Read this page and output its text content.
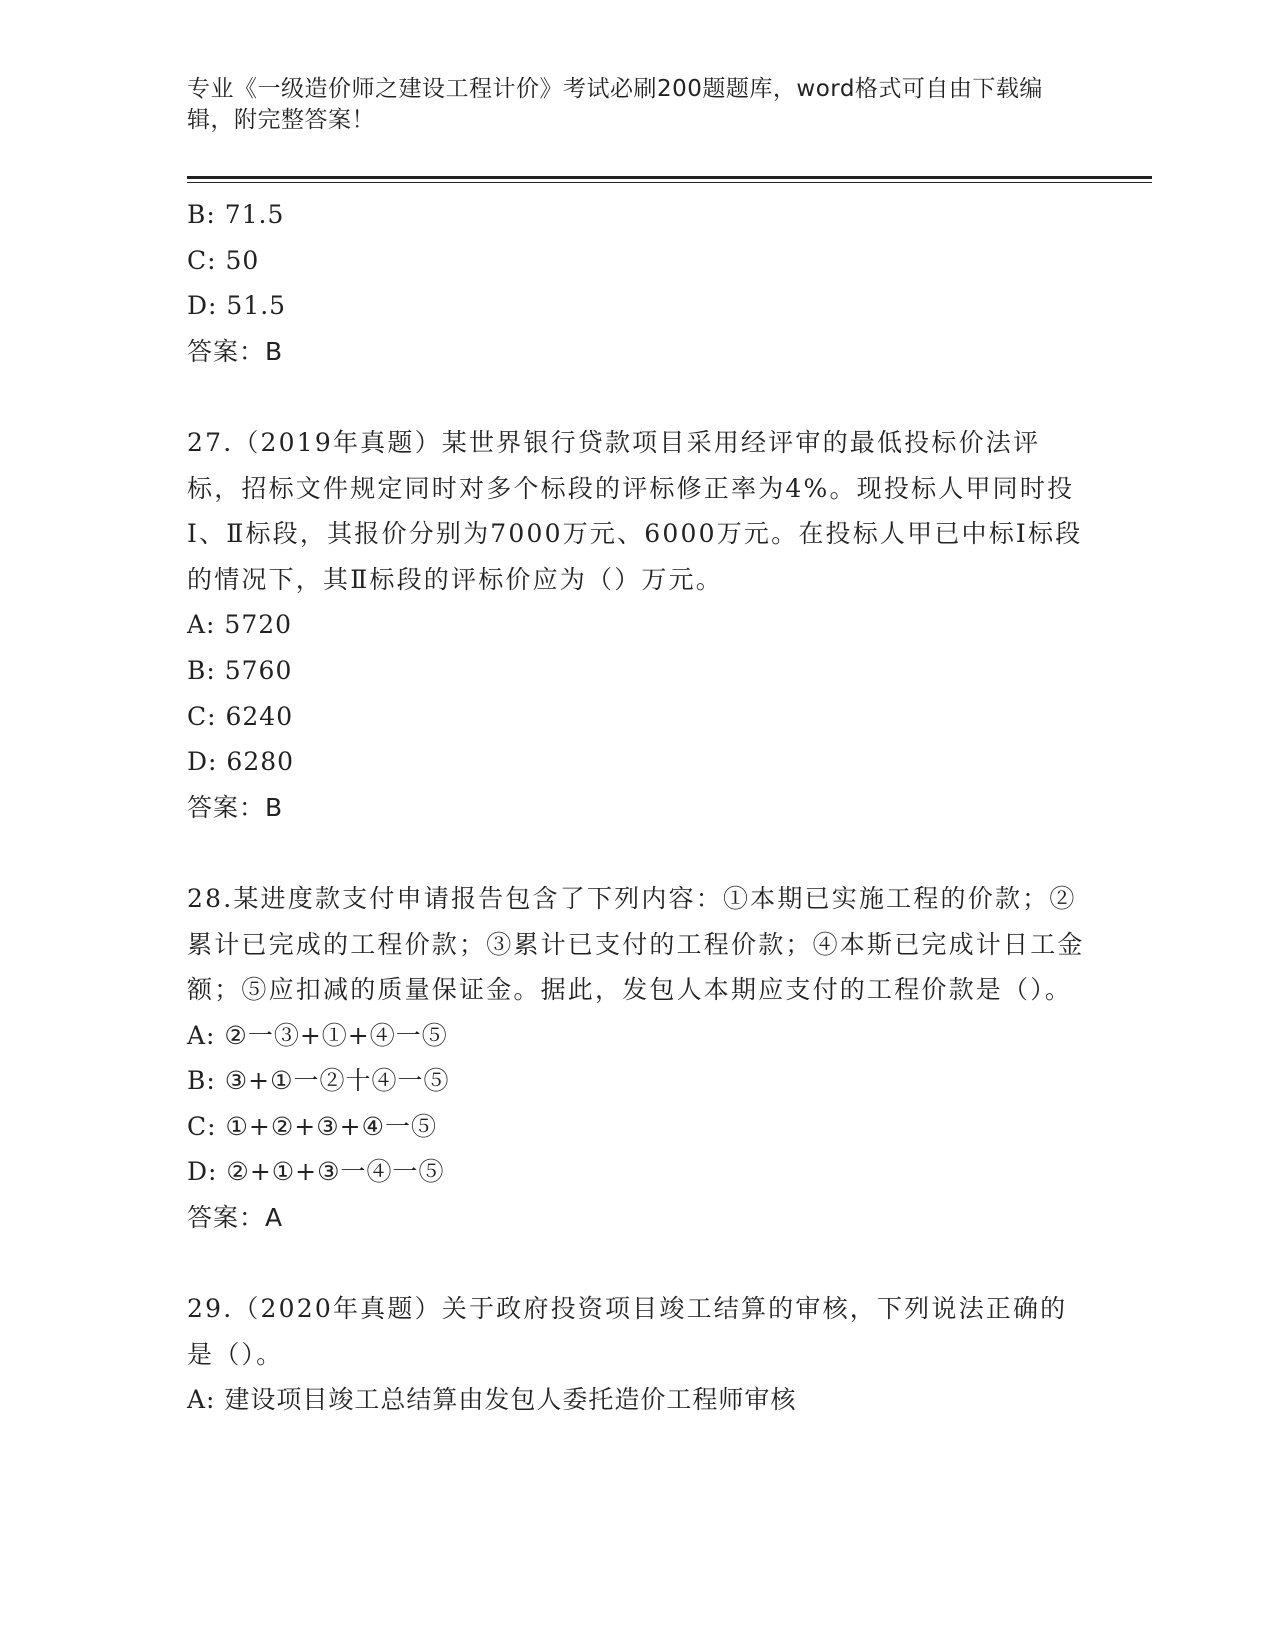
专业《一级造价师之建设工程计价》考试必刷200题题库，word格式可自由下载编辑，附完整答案！
B: 71.5
C: 50
D: 51.5
答案：B
27.（2019年真题）某世界银行贷款项目采用经评审的最低投标价法评标，招标文件规定同时对多个标段的评标修正率为4%。现投标人甲同时投Ⅰ、Ⅱ标段，其报价分别为7000万元、6000万元。在投标人甲已中标Ⅰ标段的情况下，其Ⅱ标段的评标价应为（）万元。
A: 5720
B: 5760
C: 6240
D: 6280
答案：B
28.某进度款支付申请报告包含了下列内容：①本期已实施工程的价款；②累计已完成的工程价款；③累计已支付的工程价款；④本斯已完成计日工金额；⑤应扣减的质量保证金。据此，发包人本期应支付的工程价款是（）。
A: ②一③+①+④一⑤
B: ③+①一②十④一⑤
C: ①+②+③+④一⑤
D: ②+①+③一④一⑤
答案：A
29.（2020年真题）关于政府投资项目竣工结算的审核，下列说法正确的是（）。
A: 建设项目竣工总结算由发包人委托造价工程师审核
